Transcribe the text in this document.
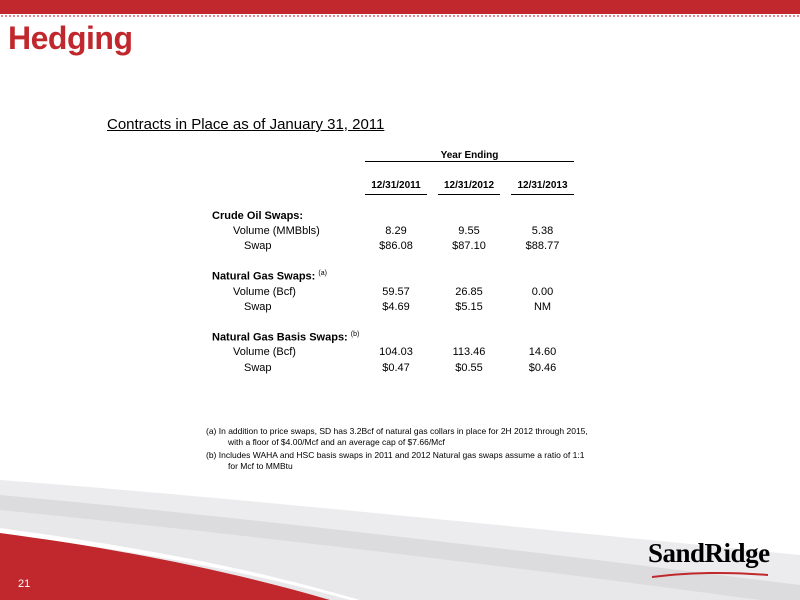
Hedging
Contracts in Place as of January 31, 2011
Year Ending
12/31/2011	12/31/2012	12/31/2013
Crude Oil Swaps:
Volume (MMBbls)	8.29	9.55	5.38
Swap	$86.08	$87.10	$88.77
Natural Gas Swaps: $^{(a)}$
Volume (Bcf)	59.57	26.85	0.00
Swap	$4.69	$5.15	NM
Natural Gas Basis Swaps: $^{(b)}$
Volume (Bcf)	104.03	113.46	14.60
Swap	$0.47	$0.55	$0.46
(a) In addition to price swaps, SD has 3.2Bcf of natural gas collars in place for 2H 2012 through 2015,
with a floor of $4.00/Mcf and an average cap of $7.66/Mcf
(b) Includes WAHA and HSC basis swaps in 2011 and 2012 Natural gas swaps assume a ratio of 1:1
for Mcf to MMBtu
21
SandRidge
